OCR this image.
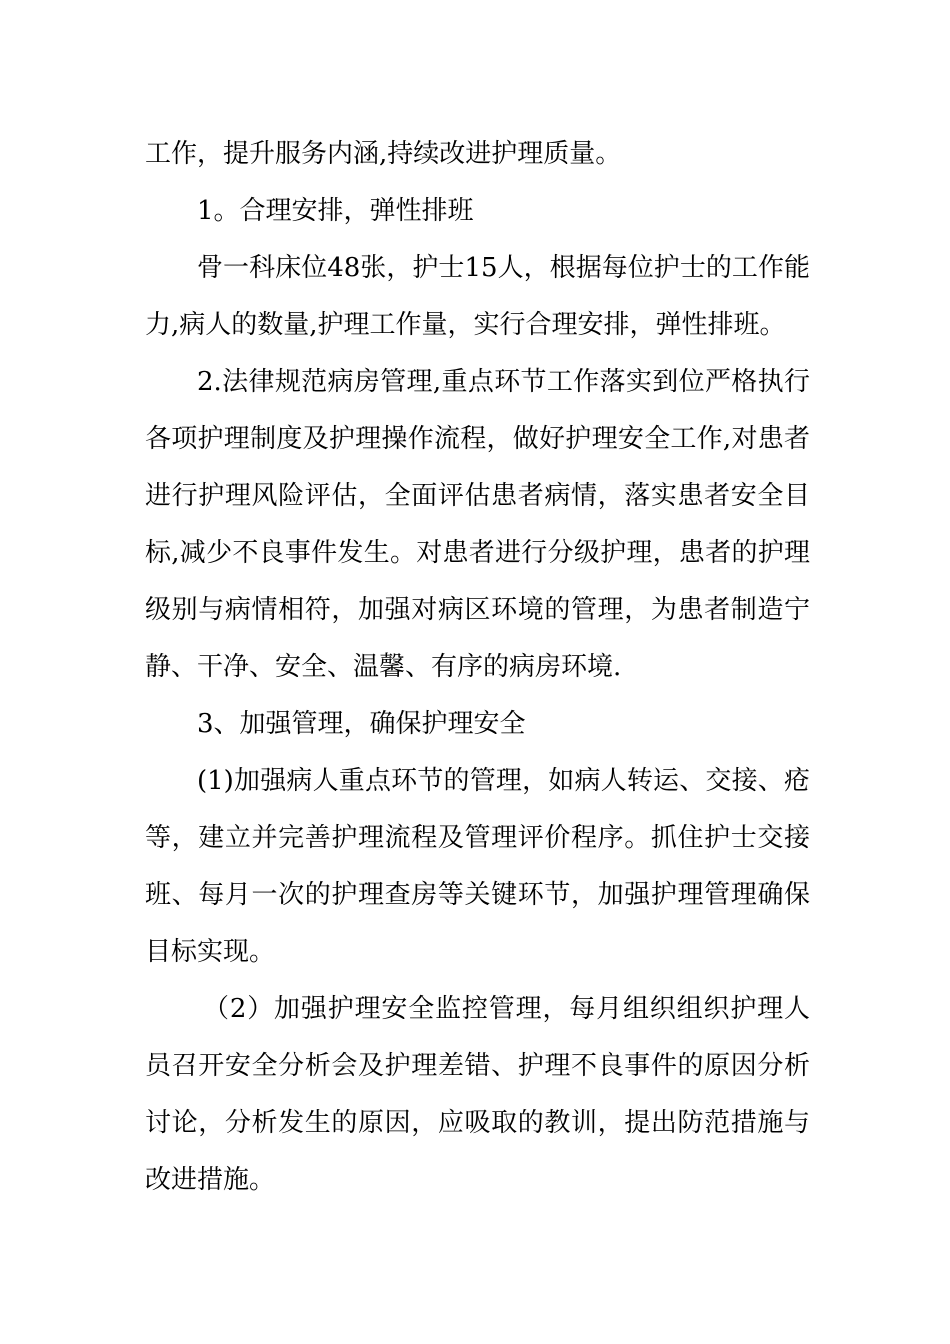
工作，提升服务内涵,持续改进护理质量。

1。合理安排，弹性排班

骨一科床位48张，护士15人，根据每位护士的工作能力,病人的数量,护理工作量，实行合理安排，弹性排班。

2.法律规范病房管理,重点环节工作落实到位严格执行各项护理制度及护理操作流程，做好护理安全工作,对患者进行护理风险评估，全面评估患者病情，落实患者安全目标,减少不良事件发生。对患者进行分级护理，患者的护理级别与病情相符，加强对病区环境的管理，为患者制造宁静、干净、安全、温馨、有序的病房环境.

3、加强管理，确保护理安全

(1)加强病人重点环节的管理，如病人转运、交接、疮等，建立并完善护理流程及管理评价程序。抓住护士交接班、每月一次的护理查房等关键环节，加强护理管理确保目标实现。

（2）加强护理安全监控管理，每月组织组织护理人员召开安全分析会及护理差错、护理不良事件的原因分析讨论，分析发生的原因，应吸取的教训，提出防范措施与改进措施。
